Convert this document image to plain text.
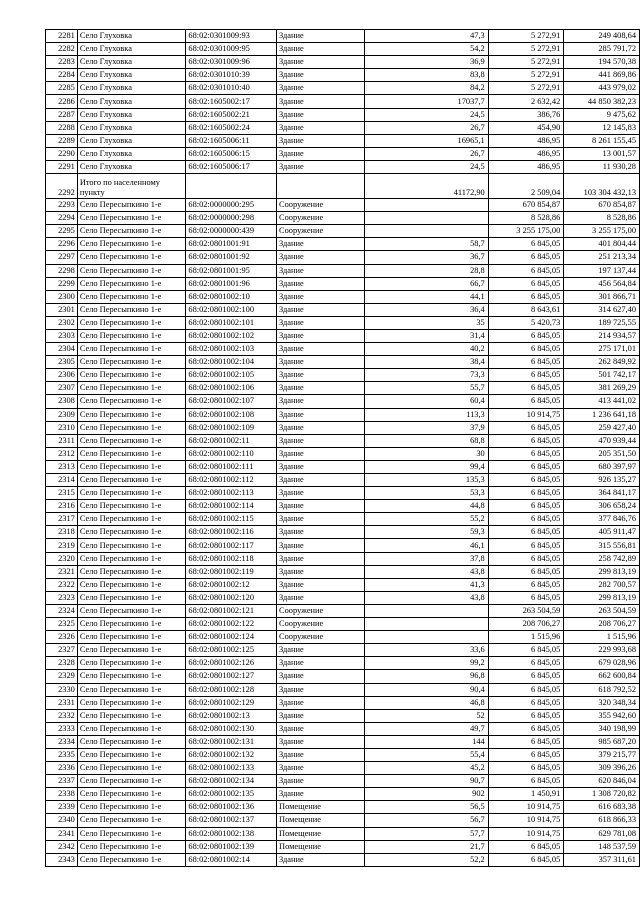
2281	Село Глуховка	68:02:0301009:93	Здание	47,3	5 272,91	249 408,64
2282	Село Глуховка	68:02:0301009:95	Здание	54,2	5 272,91	285 791,72
2283	Село Глуховка	68:02:0301009:96	Здание	36,9	5 272,91	194 570,38
2284	Село Глуховка	68:02:0301010:39	Здание	83,8	5 272,91	441 869,86
2285	Село Глуховка	68:02:0301010:40	Здание	84,2	5 272,91	443 979,02
2286	Село Глуховка	68:02:1605002:17	Здание	17037,7	2 632,42	44 850 382,23
2287	Село Глуховка	68:02:1605002:21	Здание	24,5	386,76	9 475,62
2288	Село Глуховка	68:02:1605002:24	Здание	26,7	454,90	12 145,83
2289	Село Глуховка	68:02:1605006:11	Здание	16965,1	486,95	8 261 155,45
2290	Село Глуховка	68:02:1605006:15	Здание	26,7	486,95	13 001,57
2291	Село Глуховка	68:02:1605006:17	Здание	24,5	486,95	11 930,28
2292	Итого по населенному пункту			41172,90	2 509,04	103 304 432,13
2293	Село Пересыпкино 1-е	68:02:0000000:295	Сооружение		670 854,87	670 854,87
2294	Село Пересыпкино 1-е	68:02:0000000:298	Сооружение		8 528,86	8 528,86
2295	Село Пересыпкино 1-е	68:02:0000000:439	Сооружение		3 255 175,00	3 255 175,00
2296	Село Пересыпкино 1-е	68:02:0801001:91	Здание	58,7	6 845,05	401 804,44
2297	Село Пересыпкино 1-е	68:02:0801001:92	Здание	36,7	6 845,05	251 213,34
2298	Село Пересыпкино 1-е	68:02:0801001:95	Здание	28,8	6 845,05	197 137,44
2299	Село Пересыпкино 1-е	68:02:0801001:96	Здание	66,7	6 845,05	456 564,84
2300	Село Пересыпкино 1-е	68:02:0801002:10	Здание	44,1	6 845,05	301 866,71
2301	Село Пересыпкино 1-е	68:02:0801002:100	Здание	36,4	8 643,61	314 627,40
2302	Село Пересыпкино 1-е	68:02:0801002:101	Здание	35	5 420,73	189 725,55
2303	Село Пересыпкино 1-е	68:02:0801002:102	Здание	31,4	6 845,05	214 934,57
2304	Село Пересыпкино 1-е	68:02:0801002:103	Здание	40,2	6 845,05	275 171,01
2305	Село Пересыпкино 1-е	68:02:0801002:104	Здание	38,4	6 845,05	262 849,92
2306	Село Пересыпкино 1-е	68:02:0801002:105	Здание	73,3	6 845,05	501 742,17
2307	Село Пересыпкино 1-е	68:02:0801002:106	Здание	55,7	6 845,05	381 269,29
2308	Село Пересыпкино 1-е	68:02:0801002:107	Здание	60,4	6 845,05	413 441,02
2309	Село Пересыпкино 1-е	68:02:0801002:108	Здание	113,3	10 914,75	1 236 641,18
2310	Село Пересыпкино 1-е	68:02:0801002:109	Здание	37,9	6 845,05	259 427,40
2311	Село Пересыпкино 1-е	68:02:0801002:11	Здание	68,8	6 845,05	470 939,44
2312	Село Пересыпкино 1-е	68:02:0801002:110	Здание	30	6 845,05	205 351,50
2313	Село Пересыпкино 1-е	68:02:0801002:111	Здание	99,4	6 845,05	680 397,97
2314	Село Пересыпкино 1-е	68:02:0801002:112	Здание	135,3	6 845,05	926 135,27
2315	Село Пересыпкино 1-е	68:02:0801002:113	Здание	53,3	6 845,05	364 841,17
2316	Село Пересыпкино 1-е	68:02:0801002:114	Здание	44,8	6 845,05	306 658,24
2317	Село Пересыпкино 1-е	68:02:0801002:115	Здание	55,2	6 845,05	377 846,76
2318	Село Пересыпкино 1-е	68:02:0801002:116	Здание	59,3	6 845,05	405 911,47
2319	Село Пересыпкино 1-е	68:02:0801002:117	Здание	46,1	6 845,05	315 556,81
2320	Село Пересыпкино 1-е	68:02:0801002:118	Здание	37,8	6 845,05	258 742,89
2321	Село Пересыпкино 1-е	68:02:0801002:119	Здание	43,8	6 845,05	299 813,19
2322	Село Пересыпкино 1-е	68:02:0801002:12	Здание	41,3	6 845,05	282 700,57
2323	Село Пересыпкино 1-е	68:02:0801002:120	Здание	43,8	6 845,05	299 813,19
2324	Село Пересыпкино 1-е	68:02:0801002:121	Сооружение		263 504,59	263 504,59
2325	Село Пересыпкино 1-е	68:02:0801002:122	Сооружение		208 706,27	208 706,27
2326	Село Пересыпкино 1-е	68:02:0801002:124	Сооружение		1 515,96	1 515,96
2327	Село Пересыпкино 1-е	68:02:0801002:125	Здание	33,6	6 845,05	229 993,68
2328	Село Пересыпкино 1-е	68:02:0801002:126	Здание	99,2	6 845,05	679 028,96
2329	Село Пересыпкино 1-е	68:02:0801002:127	Здание	96,8	6 845,05	662 600,84
2330	Село Пересыпкино 1-е	68:02:0801002:128	Здание	90,4	6 845,05	618 792,52
2331	Село Пересыпкино 1-е	68:02:0801002:129	Здание	46,8	6 845,05	320 348,34
2332	Село Пересыпкино 1-е	68:02:0801002:13	Здание	52	6 845,05	355 942,60
2333	Село Пересыпкино 1-е	68:02:0801002:130	Здание	49,7	6 845,05	340 198,99
2334	Село Пересыпкино 1-е	68:02:0801002:131	Здание	144	6 845,05	985 687,20
2335	Село Пересыпкино 1-е	68:02:0801002:132	Здание	55,4	6 845,05	379 215,77
2336	Село Пересыпкино 1-е	68:02:0801002:133	Здание	45,2	6 845,05	309 396,26
2337	Село Пересыпкино 1-е	68:02:0801002:134	Здание	90,7	6 845,05	620 846,04
2338	Село Пересыпкино 1-е	68:02:0801002:135	Здание	902	1 450,91	1 308 720,82
2339	Село Пересыпкино 1-е	68:02:0801002:136	Помещение	56,5	10 914,75	616 683,38
2340	Село Пересыпкино 1-е	68:02:0801002:137	Помещение	56,7	10 914,75	618 866,33
2341	Село Пересыпкино 1-е	68:02:0801002:138	Помещение	57,7	10 914,75	629 781,08
2342	Село Пересыпкино 1-е	68:02:0801002:139	Помещение	21,7	6 845,05	148 537,59
2343	Село Пересыпкино 1-е	68:02:0801002:14	Здание	52,2	6 845,05	357 311,61
